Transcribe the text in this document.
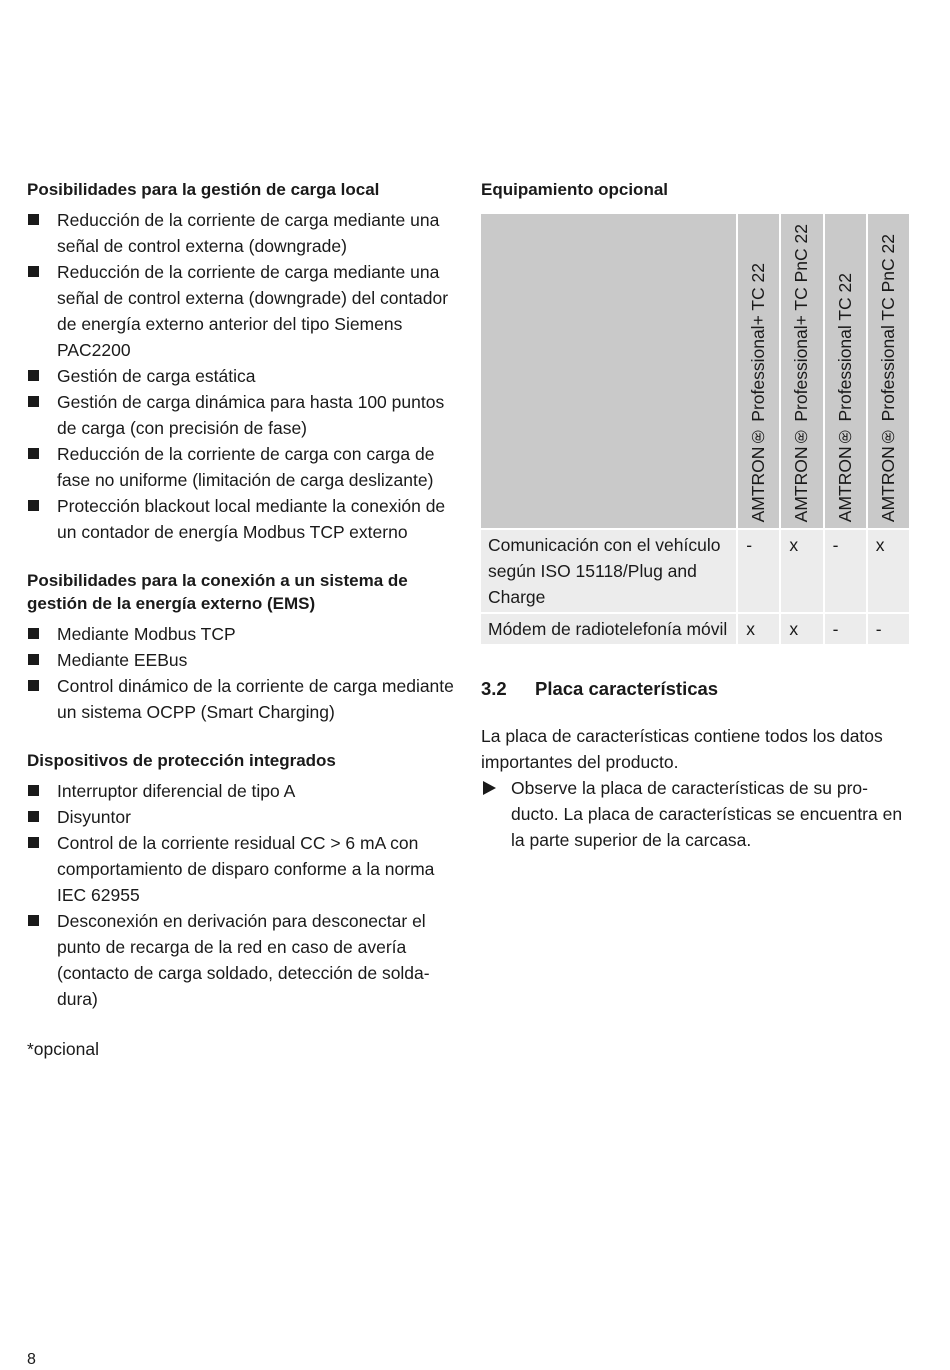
Posibilidades para la gestión de carga local
Reducción de la corriente de carga mediante una señal de control externa (downgrade)
Reducción de la corriente de carga mediante una señal de control externa (downgrade) del contador de energía externo anterior del tipo Siemens PAC2200
Gestión de carga estática
Gestión de carga dinámica para hasta 100 puntos de carga (con precisión de fase)
Reducción de la corriente de carga con carga de fase no uniforme (limitación de carga deslizante)
Protección blackout local mediante la conexión de un contador de energía Modbus TCP externo
Posibilidades para la conexión a un sistema de gestión de la energía externo (EMS)
Mediante Modbus TCP
Mediante EEBus
Control dinámico de la corriente de carga mediante un sistema OCPP (Smart Charging)
Dispositivos de protección integrados
Interruptor diferencial de tipo A
Disyuntor
Control de la corriente residual CC > 6 mA con comportamiento de disparo conforme a la norma IEC 62955
Desconexión en derivación para desconectar el punto de recarga de la red en caso de avería (contacto de carga soldado, detección de soldadura)
*opcional
Equipamiento opcional

	AMTRON® Professional+ TC 22	AMTRON® Professional+ TC PnC 22	AMTRON® Professional TC 22	AMTRON® Professional TC PnC 22

Comunicación con el vehículo según ISO 15118/Plug and Charge	-	x	-	x
Módem de radiotelefonía móvil	x	x	-	-
3.2 Placa características
La placa de características contiene todos los datos importantes del producto.
Observe la placa de características de su producto. La placa de características se encuentra en la parte superior de la carcasa.
8
